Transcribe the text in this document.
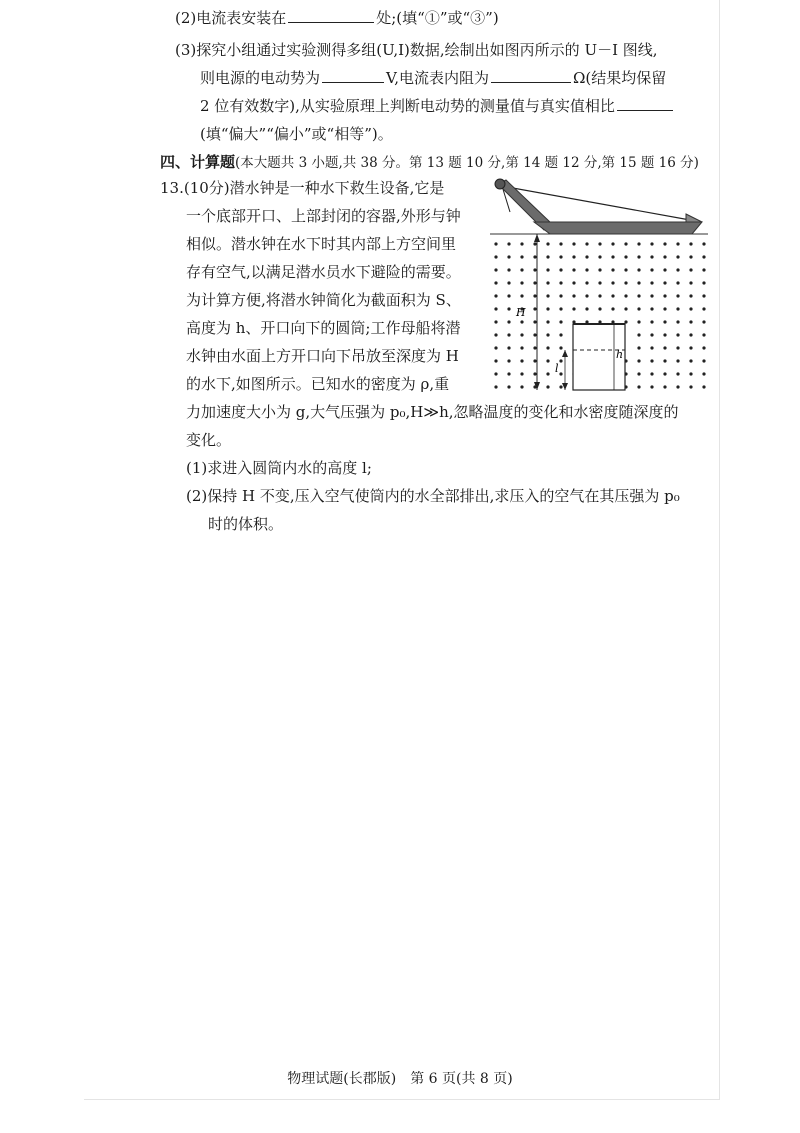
(2)电流表安装在	处;(填“①”或“③”)
(3)探究小组通过实验测得多组(U,I)数据,绘制出如图丙所示的 U－I 图线,
则电源的电动势为	V,电流表内阻为	Ω(结果均保留
2 位有效数字),从实验原理上判断电动势的测量值与真实值相比
(填“偏大”“偏小”或“相等”)。
四、计算题(本大题共 3 小题,共 38 分。第 13 题 10 分,第 14 题 12 分,第 15 题 16 分)
13.(10分)潜水钟是一种水下救生设备,它是
一个底部开口、上部封闭的容器,外形与钟
相似。潜水钟在水下时其内部上方空间里
存有空气,以满足潜水员水下避险的需要。
为计算方便,将潜水钟简化为截面积为 S、
高度为 h、开口向下的圆筒;工作母船将潜
水钟由水面上方开口向下吊放至深度为 H
的水下,如图所示。已知水的密度为 ρ,重
力加速度大小为 g,大气压强为 p₀,H≫h,忽略温度的变化和水密度随深度的
变化。
(1)求进入圆筒内水的高度 l;
(2)保持 H 不变,压入空气使筒内的水全部排出,求压入的空气在其压强为 p₀
时的体积。
H
h
l
物理试题(长郡版)　第 6 页(共 8 页)
